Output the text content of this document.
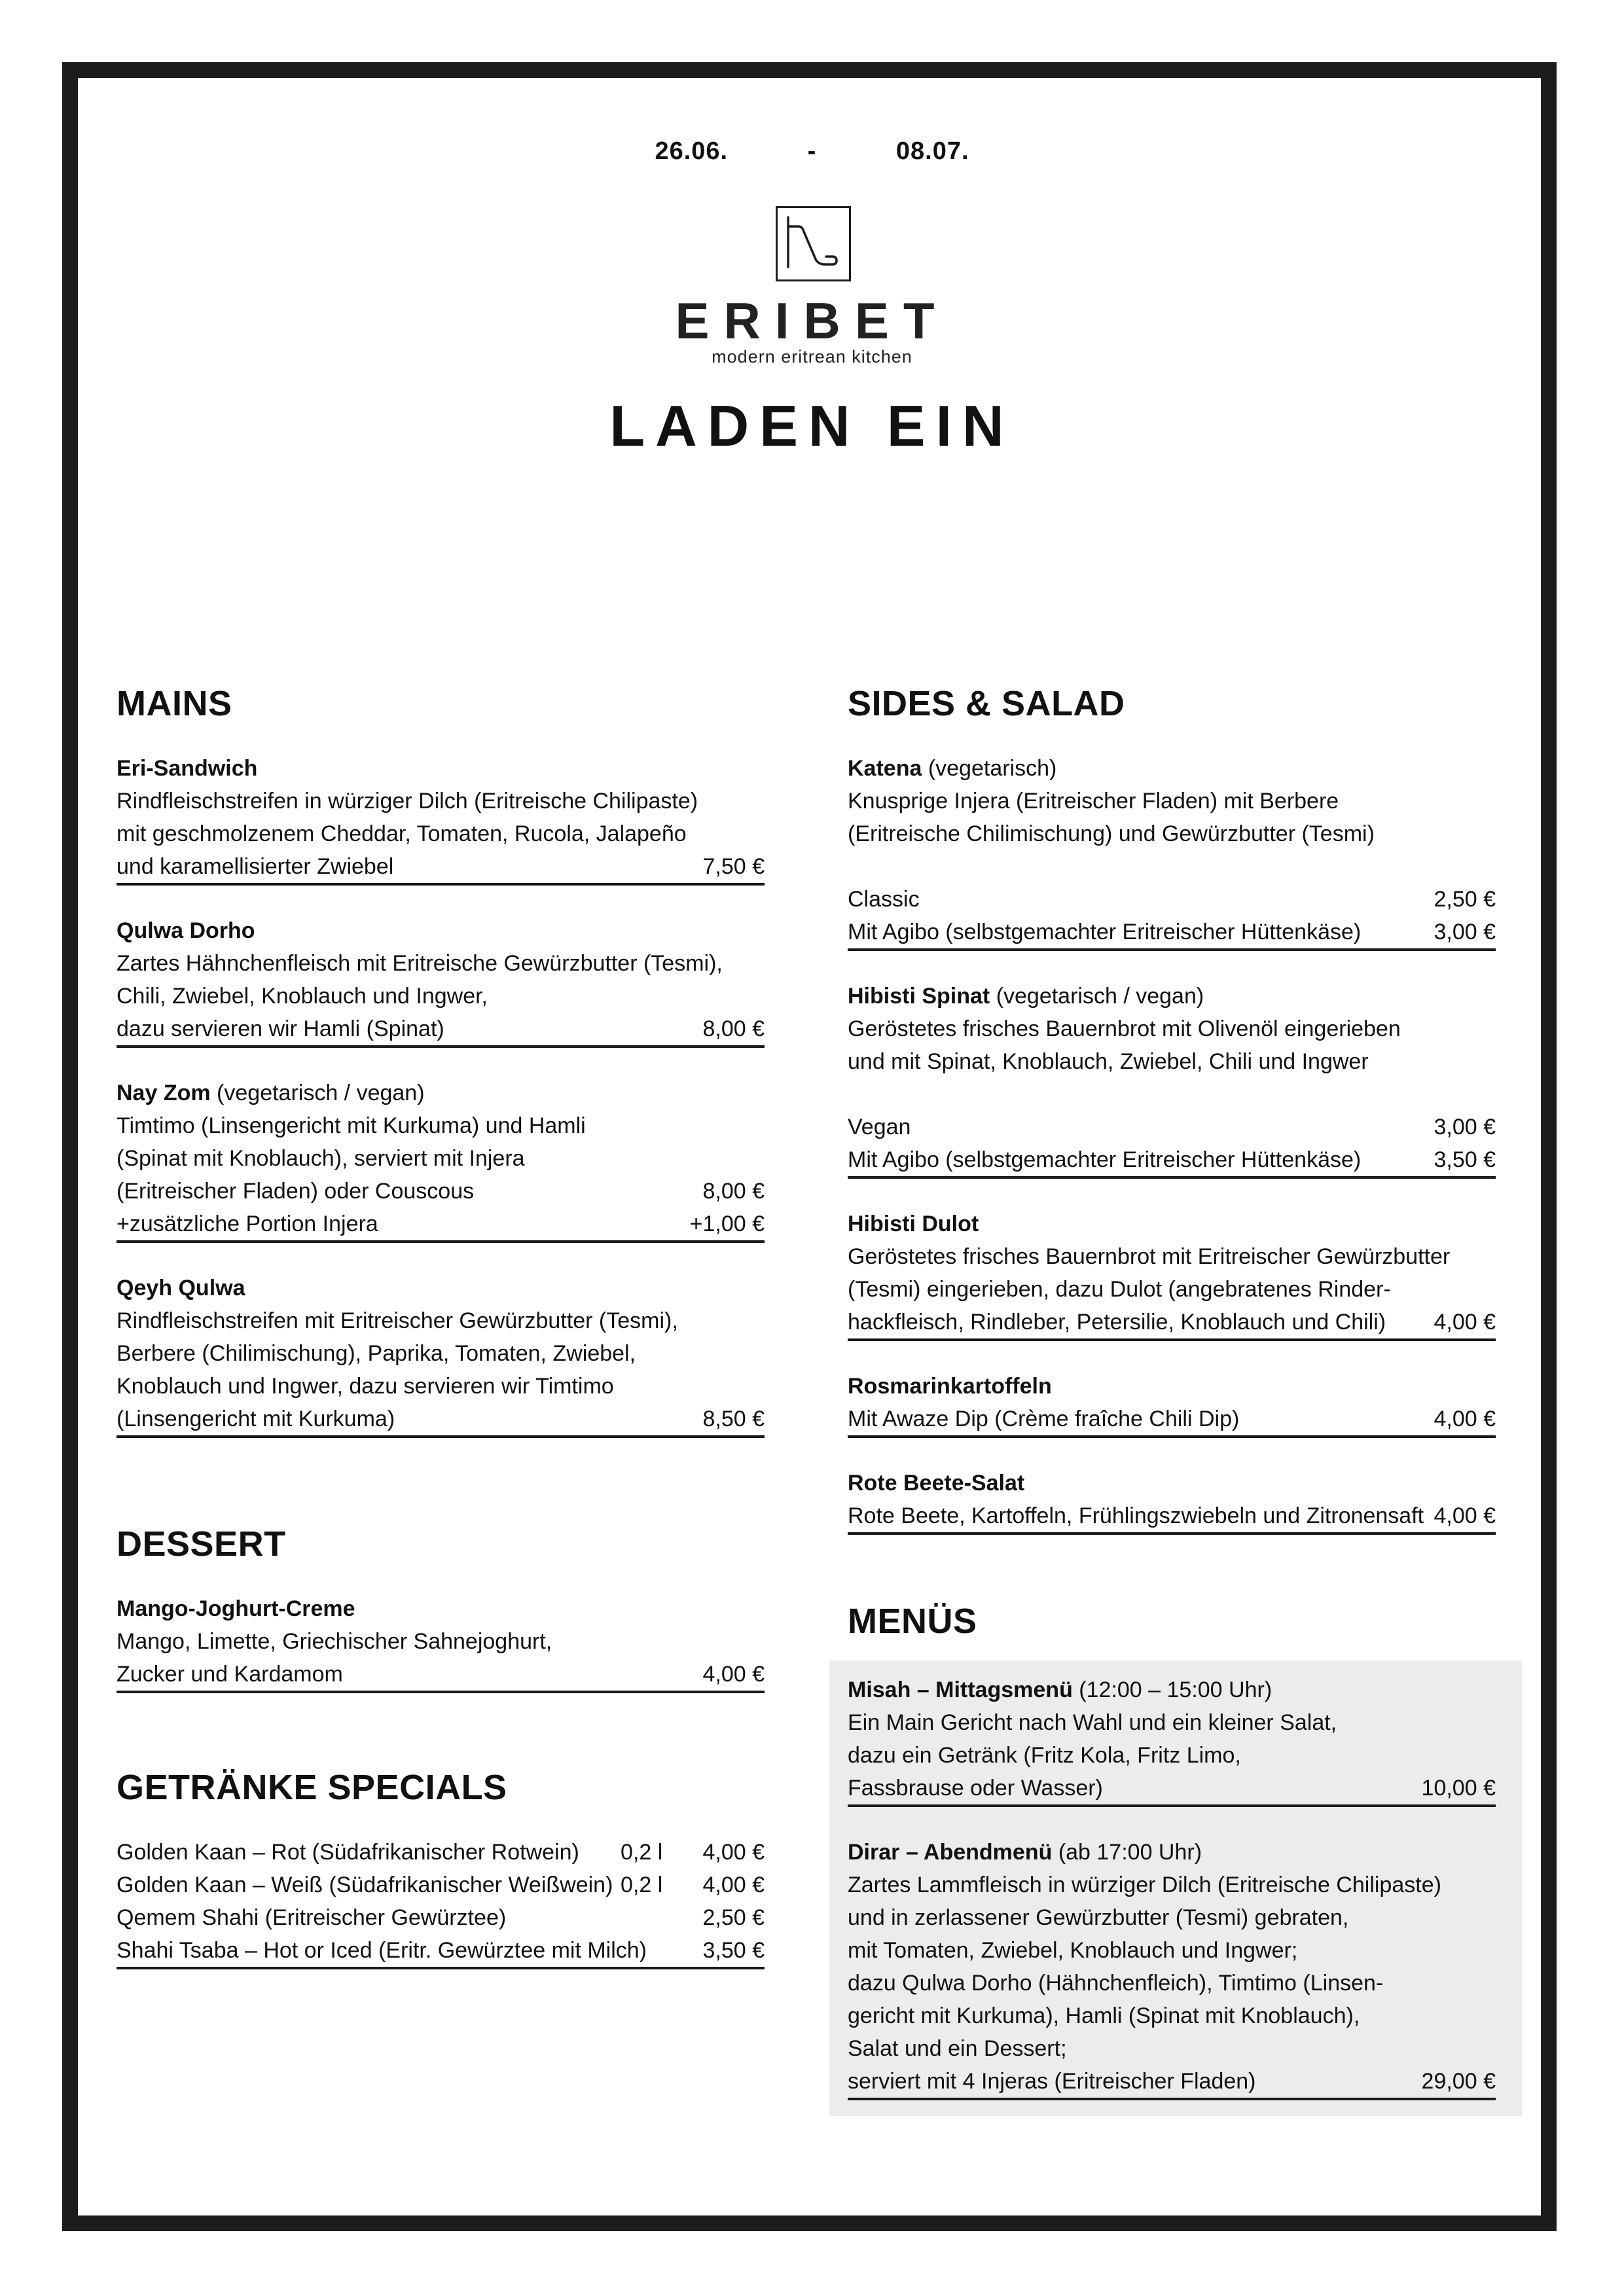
26.06.	-	08.07.
ERIBET
modern eritrean kitchen
LADEN EIN
MAINS
Eri-Sandwich
Rindfleischstreifen in würziger Dilch (Eritreische Chilipaste)
mit geschmolzenem Cheddar, Tomaten, Rucola, Jalapeño
und karamellisierter Zwiebel	7,50 €
Qulwa Dorho
Zartes Hähnchenfleisch mit Eritreische Gewürzbutter (Tesmi),
Chili, Zwiebel, Knoblauch und Ingwer,
dazu servieren wir Hamli (Spinat)	8,00 €
Nay Zom (vegetarisch / vegan)
Timtimo (Linsengericht mit Kurkuma) und Hamli
(Spinat mit Knoblauch), serviert mit Injera
(Eritreischer Fladen) oder Couscous	8,00 €
+zusätzliche Portion Injera	+1,00 €
Qeyh Qulwa
Rindfleischstreifen mit Eritreischer Gewürzbutter (Tesmi),
Berbere (Chilimischung), Paprika, Tomaten, Zwiebel,
Knoblauch und Ingwer, dazu servieren wir Timtimo
(Linsengericht mit Kurkuma)	8,50 €
DESSERT
Mango-Joghurt-Creme
Mango, Limette, Griechischer Sahnejoghurt,
Zucker und Kardamom	4,00 €
GETRÄNKE SPECIALS
Golden Kaan – Rot (Südafrikanischer Rotwein)	0,2 l	4,00 €
Golden Kaan – Weiß (Südafrikanischer Weißwein) 0,2 l	4,00 €
Qemem Shahi (Eritreischer Gewürztee)	2,50 €
Shahi Tsaba – Hot or Iced (Eritr. Gewürztee mit Milch)	3,50 €
SIDES & SALAD
Katena (vegetarisch)
Knusprige Injera (Eritreischer Fladen) mit Berbere
(Eritreische Chilimischung) und Gewürzbutter (Tesmi)
Classic	2,50 €
Mit Agibo (selbstgemachter Eritreischer Hüttenkäse)	3,00 €
Hibisti Spinat (vegetarisch / vegan)
Geröstetes frisches Bauernbrot mit Olivenöl eingerieben
und mit Spinat, Knoblauch, Zwiebel, Chili und Ingwer
Vegan	3,00 €
Mit Agibo (selbstgemachter Eritreischer Hüttenkäse)	3,50 €
Hibisti Dulot
Geröstetes frisches Bauernbrot mit Eritreischer Gewürzbutter
(Tesmi) eingerieben, dazu Dulot (angebratenes Rinder-
hackfleisch, Rindleber, Petersilie, Knoblauch und Chili)	4,00 €
Rosmarinkartoffeln
Mit Awaze Dip (Crème fraîche Chili Dip)	4,00 €
Rote Beete-Salat
Rote Beete, Kartoffeln, Frühlingszwiebeln und Zitronensaft 4,00 €
MENÜS
Misah – Mittagsmenü (12:00 – 15:00 Uhr)
Ein Main Gericht nach Wahl und ein kleiner Salat,
dazu ein Getränk (Fritz Kola, Fritz Limo,
Fassbrause oder Wasser)	10,00 €
Dirar – Abendmenü (ab 17:00 Uhr)
Zartes Lammfleisch in würziger Dilch (Eritreische Chilipaste)
und in zerlassener Gewürzbutter (Tesmi) gebraten,
mit Tomaten, Zwiebel, Knoblauch und Ingwer;
dazu Qulwa Dorho (Hähnchenfleich), Timtimo (Linsen-
gericht mit Kurkuma), Hamli (Spinat mit Knoblauch),
Salat und ein Dessert;
serviert mit 4 Injeras (Eritreischer Fladen)	29,00 €
